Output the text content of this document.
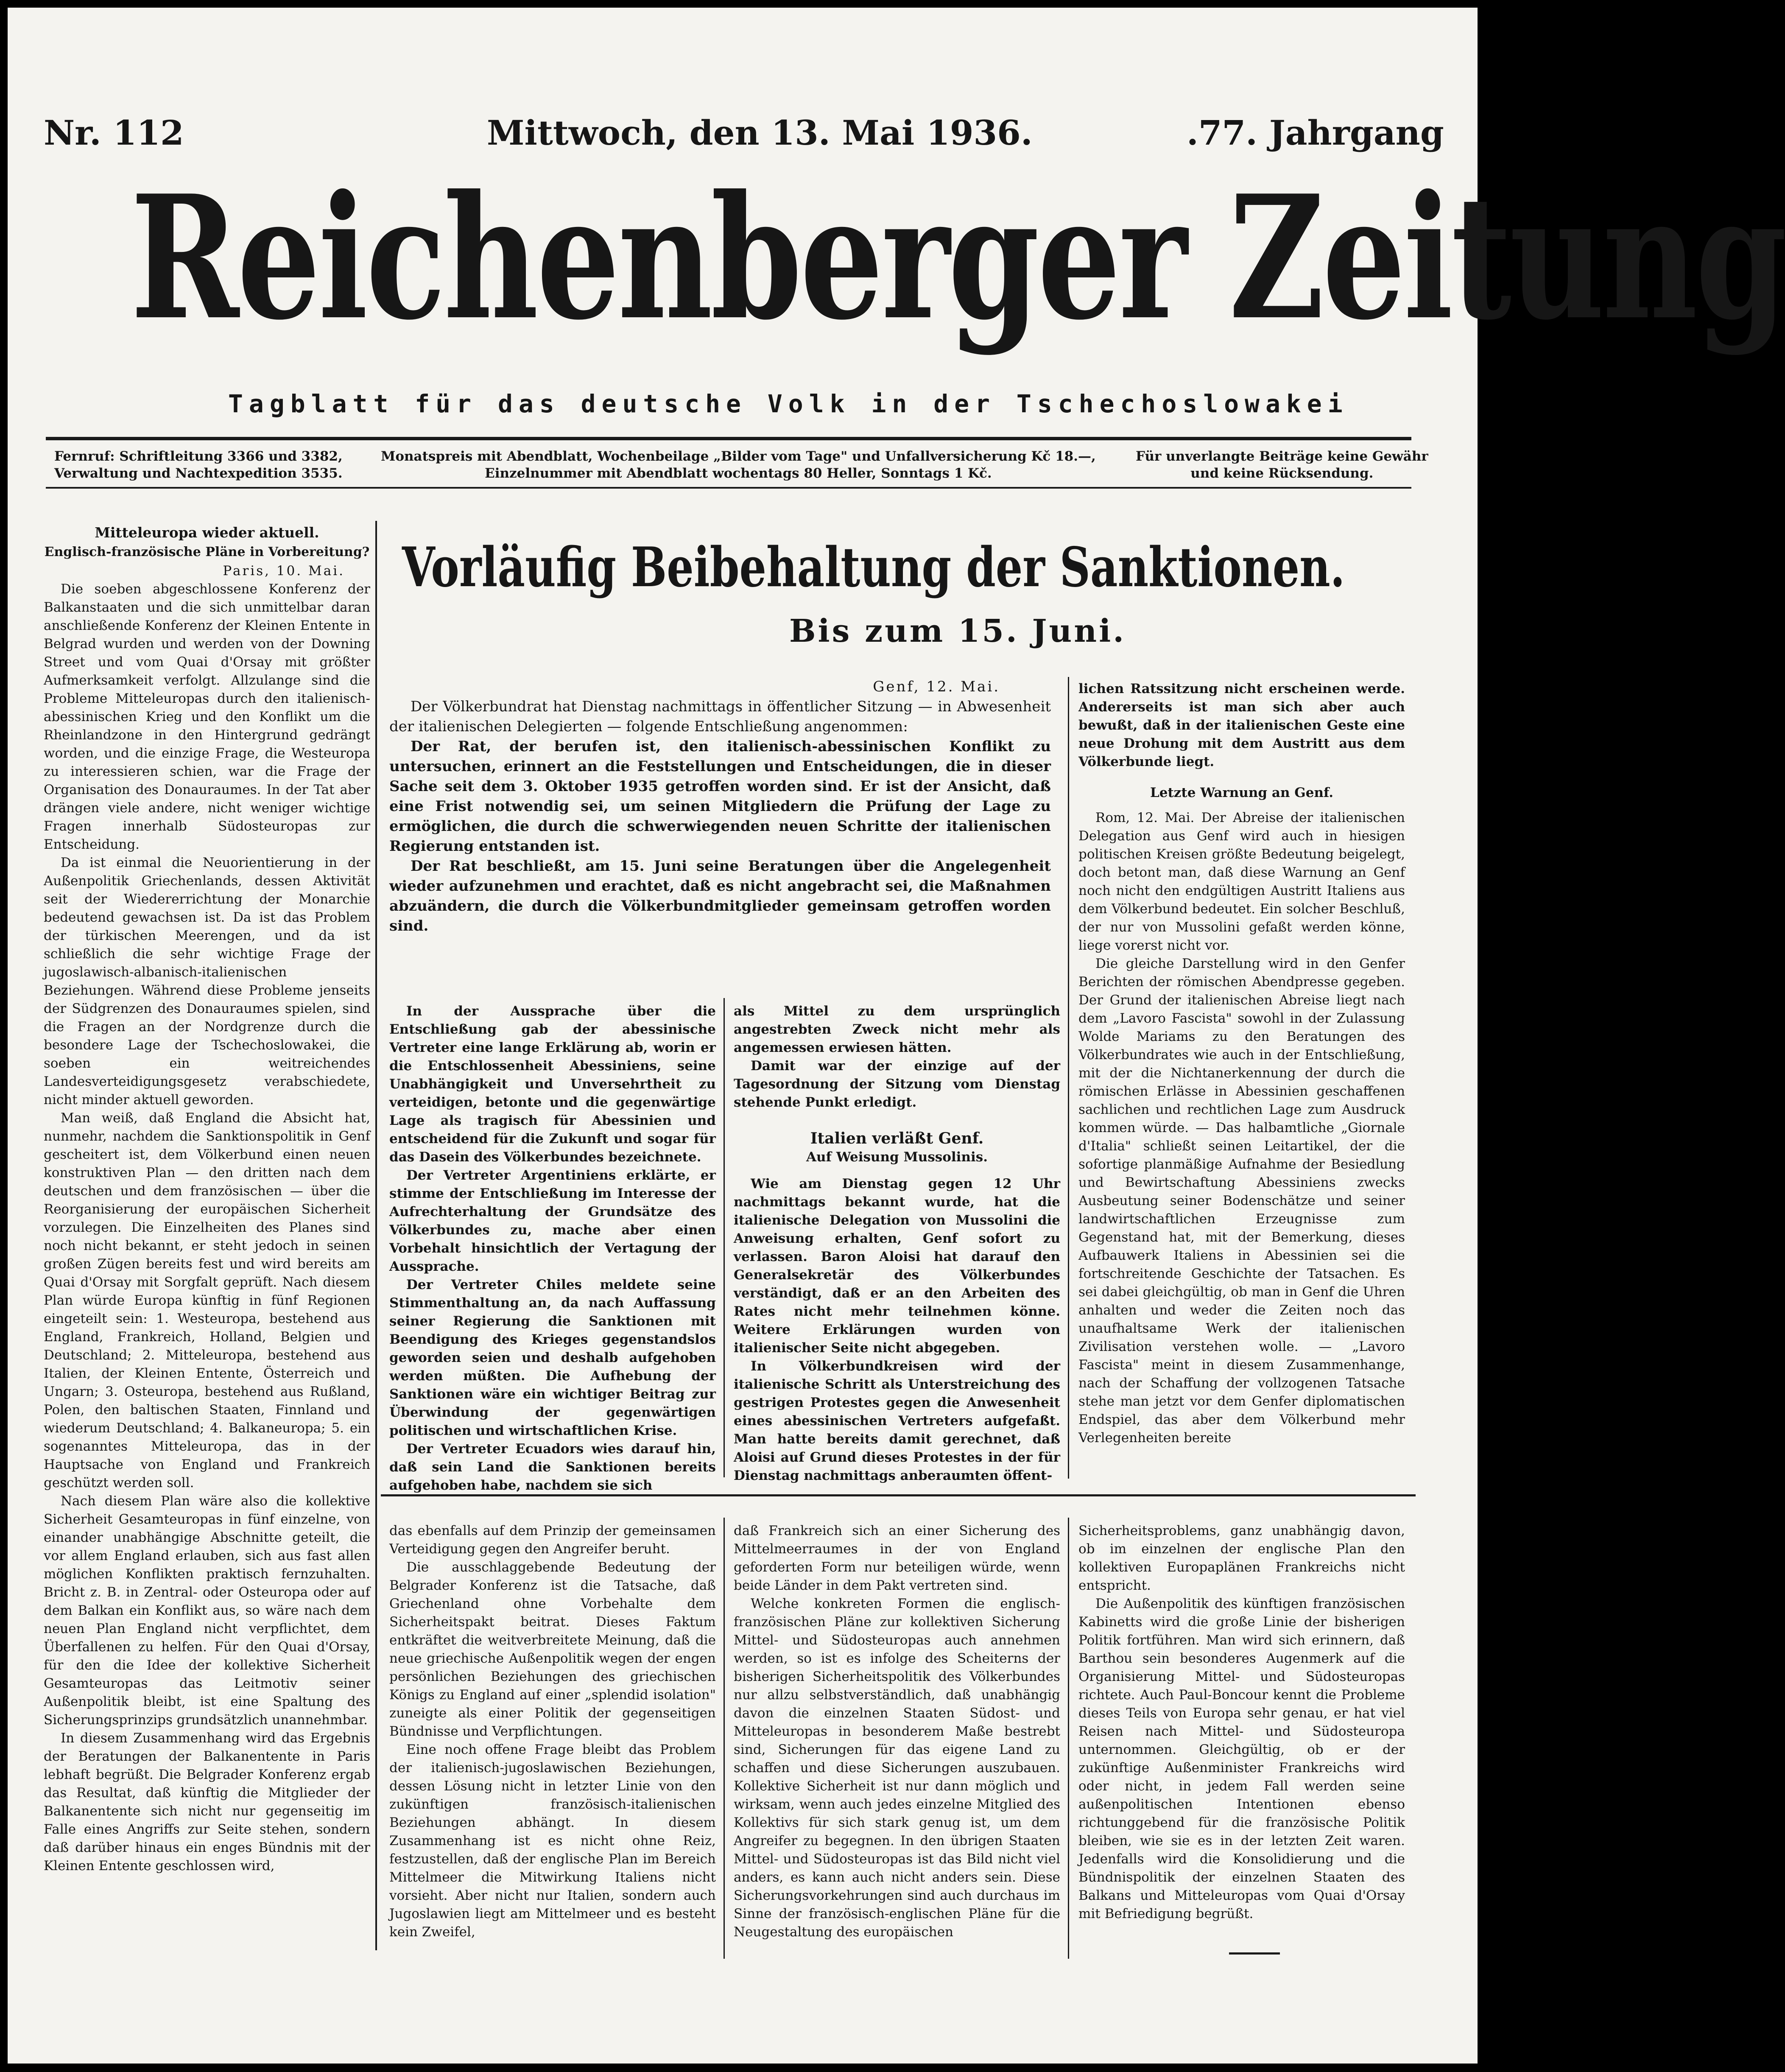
Nr. 112	Mittwoch, den 13. Mai 1936.	.77. Jahrgang
Reichenberger Zeitung
Tagblatt für das deutsche Volk in der Tschechoslowakei
Fernruf: Schriftleitung 3366 und 3382,
Verwaltung und Nachtexpedition 3535.
Monatspreis mit Abendblatt, Wochenbeilage „Bilder vom Tage" und Unfallversicherung Kč 18.—,
Einzelnummer mit Abendblatt wochentags 80 Heller, Sonntags 1 Kč.
Für unverlangte Beiträge keine Gewähr
und keine Rücksendung.
Vorläufig Beibehaltung der Sanktionen.
Bis zum 15. Juni.
Mitteleuropa wieder aktuell.
Englisch-französische Pläne in Vorbereitung?
Paris, 10. Mai.

Die soeben abgeschlossene Konferenz der Balkanstaaten und die sich unmittelbar daran anschließende Konferenz der Kleinen Entente in Belgrad wurden und werden von der Downing Street und vom Quai d'Orsay mit größter Aufmerksamkeit verfolgt. Allzulange sind die Probleme Mitteleuropas durch den italienisch-abessinischen Krieg und den Konflikt um die Rheinlandzone in den Hintergrund gedrängt worden, und die einzige Frage, die Westeuropa zu interessieren schien, war die Frage der Organisation des Donauraumes. In der Tat aber drängen viele andere, nicht weniger wichtige Fragen innerhalb Südosteuropas zur Entscheidung.

Da ist einmal die Neuorientierung in der Außenpolitik Griechenlands, dessen Aktivität seit der Wiedererrichtung der Monarchie bedeutend gewachsen ist. Da ist das Problem der türkischen Meerengen, und da ist schließlich die sehr wichtige Frage der jugoslawisch-albanisch-italienischen Beziehungen. Während diese Probleme jenseits der Südgrenzen des Donauraumes spielen, sind die Fragen an der Nordgrenze durch die besondere Lage der Tschechoslowakei, die soeben ein weitreichendes Landesverteidigungsgesetz verabschiedete, nicht minder aktuell geworden.

Man weiß, daß England die Absicht hat, nunmehr, nachdem die Sanktionspolitik in Genf gescheitert ist, dem Völkerbund einen neuen konstruktiven Plan — den dritten nach dem deutschen und dem französischen — über die Reorganisierung der europäischen Sicherheit vorzulegen. Die Einzelheiten des Planes sind noch nicht bekannt, er steht jedoch in seinen großen Zügen bereits fest und wird bereits am Quai d'Orsay mit Sorgfalt geprüft. Nach diesem Plan würde Europa künftig in fünf Regionen eingeteilt sein: 1. Westeuropa, bestehend aus England, Frankreich, Holland, Belgien und Deutschland; 2. Mitteleuropa, bestehend aus Italien, der Kleinen Entente, Österreich und Ungarn; 3. Osteuropa, bestehend aus Rußland, Polen, den baltischen Staaten, Finnland und wiederum Deutschland; 4. Balkaneuropa; 5. ein sogenanntes Mitteleuropa, das in der Hauptsache von England und Frankreich geschützt werden soll.

Nach diesem Plan wäre also die kollektive Sicherheit Gesamteuropas in fünf einzelne, von einander unabhängige Abschnitte geteilt, die vor allem England erlauben, sich aus fast allen möglichen Konflikten praktisch fernzuhalten. Bricht z. B. in Zentral- oder Osteuropa oder auf dem Balkan ein Konflikt aus, so wäre nach dem neuen Plan England nicht verpflichtet, dem Überfallenen zu helfen. Für den Quai d'Orsay, für den die Idee der kollektive Sicherheit Gesamteuropas das Leitmotiv seiner Außenpolitik bleibt, ist eine Spaltung des Sicherungsprinzips grundsätzlich unannehmbar.

In diesem Zusammenhang wird das Ergebnis der Beratungen der Balkanentente in Paris lebhaft begrüßt. Die Belgrader Konferenz ergab das Resultat, daß künftig die Mitglieder der Balkanentente sich nicht nur gegenseitig im Falle eines Angriffs zur Seite stehen, sondern daß darüber hinaus ein enges Bündnis mit der Kleinen Entente geschlossen wird,

Genf, 12. Mai.

Der Völkerbundrat hat Dienstag nachmittags in öffentlicher Sitzung — in Abwesenheit der italienischen Delegierten — folgende Entschließung angenommen:

Der Rat, der berufen ist, den italienisch-abessinischen Konflikt zu untersuchen, erinnert an die Feststellungen und Entscheidungen, die in dieser Sache seit dem 3. Oktober 1935 getroffen worden sind. Er ist der Ansicht, daß eine Frist notwendig sei, um seinen Mitgliedern die Prüfung der Lage zu ermöglichen, die durch die schwerwiegenden neuen Schritte der italienischen Regierung entstanden ist.

Der Rat beschließt, am 15. Juni seine Beratungen über die Angelegenheit wieder aufzunehmen und erachtet, daß es nicht angebracht sei, die Maßnahmen abzuändern, die durch die Völkerbundmitglieder gemeinsam getroffen worden sind.

In der Aussprache über die Entschließung gab der abessinische Vertreter eine lange Erklärung ab, worin er die Entschlossenheit Abessiniens, seine Unabhängigkeit und Unversehrtheit zu verteidigen, betonte und die gegenwärtige Lage als tragisch für Abessinien und entscheidend für die Zukunft und sogar für das Dasein des Völkerbundes bezeichnete.

Der Vertreter Argentiniens erklärte, er stimme der Entschließung im Interesse der Aufrechterhaltung der Grundsätze des Völkerbundes zu, mache aber einen Vorbehalt hinsichtlich der Vertagung der Aussprache.

Der Vertreter Chiles meldete seine Stimmenthaltung an, da nach Auffassung seiner Regierung die Sanktionen mit Beendigung des Krieges gegenstandslos geworden seien und deshalb aufgehoben werden müßten. Die Aufhebung der Sanktionen wäre ein wichtiger Beitrag zur Überwindung der gegenwärtigen politischen und wirtschaftlichen Krise.

Der Vertreter Ecuadors wies darauf hin, daß sein Land die Sanktionen bereits aufgehoben habe, nachdem sie sich

als Mittel zu dem ursprünglich angestrebten Zweck nicht mehr als angemessen erwiesen hätten.

Damit war der einzige auf der Tagesordnung der Sitzung vom Dienstag stehende Punkt erledigt.

Italien verläßt Genf.
Auf Weisung Mussolinis.

Wie am Dienstag gegen 12 Uhr nachmittags bekannt wurde, hat die italienische Delegation von Mussolini die Anweisung erhalten, Genf sofort zu verlassen. Baron Aloisi hat darauf den Generalsekretär des Völkerbundes verständigt, daß er an den Arbeiten des Rates nicht mehr teilnehmen könne. Weitere Erklärungen wurden von italienischer Seite nicht abgegeben.

In Völkerbundkreisen wird der italienische Schritt als Unterstreichung des gestrigen Protestes gegen die Anwesenheit eines abessinischen Vertreters aufgefaßt. Man hatte bereits damit gerechnet, daß Aloisi auf Grund dieses Protestes in der für Dienstag nachmittags anberaumten öffent-

lichen Ratssitzung nicht erscheinen werde. Andererseits ist man sich aber auch bewußt, daß in der italienischen Geste eine neue Drohung mit dem Austritt aus dem Völkerbunde liegt.

Letzte Warnung an Genf.

Rom, 12. Mai. Der Abreise der italienischen Delegation aus Genf wird auch in hiesigen politischen Kreisen größte Bedeutung beigelegt, doch betont man, daß diese Warnung an Genf noch nicht den endgültigen Austritt Italiens aus dem Völkerbund bedeutet. Ein solcher Beschluß, der nur von Mussolini gefaßt werden könne, liege vorerst nicht vor.

Die gleiche Darstellung wird in den Genfer Berichten der römischen Abendpresse gegeben. Der Grund der italienischen Abreise liegt nach dem „Lavoro Fascista" sowohl in der Zulassung Wolde Mariams zu den Beratungen des Völkerbundrates wie auch in der Entschließung, mit der die Nichtanerkennung der durch die römischen Erlässe in Abessinien geschaffenen sachlichen und rechtlichen Lage zum Ausdruck kommen würde. — Das halbamtliche „Giornale d'Italia" schließt seinen Leitartikel, der die sofortige planmäßige Aufnahme der Besiedlung und Bewirtschaftung Abessiniens zwecks Ausbeutung seiner Bodenschätze und seiner landwirtschaftlichen Erzeugnisse zum Gegenstand hat, mit der Bemerkung, dieses Aufbauwerk Italiens in Abessinien sei die fortschreitende Geschichte der Tatsachen. Es sei dabei gleichgültig, ob man in Genf die Uhren anhalten und weder die Zeiten noch das unaufhaltsame Werk der italienischen Zivilisation verstehen wolle. — „Lavoro Fascista" meint in diesem Zusammenhange, nach der Schaffung der vollzogenen Tatsache stehe man jetzt vor dem Genfer diplomatischen Endspiel, das aber dem Völkerbund mehr Verlegenheiten bereite

das ebenfalls auf dem Prinzip der gemeinsamen Verteidigung gegen den Angreifer beruht.

Die ausschlaggebende Bedeutung der Belgrader Konferenz ist die Tatsache, daß Griechenland ohne Vorbehalte dem Sicherheitspakt beitrat. Dieses Faktum entkräftet die weitverbreitete Meinung, daß die neue griechische Außenpolitik wegen der engen persönlichen Beziehungen des griechischen Königs zu England auf einer „splendid isolation" zuneigte als einer Politik der gegenseitigen Bündnisse und Verpflichtungen.

Eine noch offene Frage bleibt das Problem der italienisch-jugoslawischen Beziehungen, dessen Lösung nicht in letzter Linie von den zukünftigen französisch-italienischen Beziehungen abhängt. In diesem Zusammenhang ist es nicht ohne Reiz, festzustellen, daß der englische Plan im Bereich Mittelmeer die Mitwirkung Italiens nicht vorsieht. Aber nicht nur Italien, sondern auch Jugoslawien liegt am Mittelmeer und es besteht kein Zweifel,

daß Frankreich sich an einer Sicherung des Mittelmeerraumes in der von England geforderten Form nur beteiligen würde, wenn beide Länder in dem Pakt vertreten sind.

Welche konkreten Formen die englisch-französischen Pläne zur kollektiven Sicherung Mittel- und Südosteuropas auch annehmen werden, so ist es infolge des Scheiterns der bisherigen Sicherheitspolitik des Völkerbundes nur allzu selbstverständlich, daß unabhängig davon die einzelnen Staaten Südost- und Mitteleuropas in besonderem Maße bestrebt sind, Sicherungen für das eigene Land zu schaffen und diese Sicherungen auszubauen. Kollektive Sicherheit ist nur dann möglich und wirksam, wenn auch jedes einzelne Mitglied des Kollektivs für sich stark genug ist, um dem Angreifer zu begegnen. In den übrigen Staaten Mittel- und Südosteuropas ist das Bild nicht viel anders, es kann auch nicht anders sein. Diese Sicherungsvorkehrungen sind auch durchaus im Sinne der französisch-englischen Pläne für die Neugestaltung des europäischen

Sicherheitsproblems, ganz unabhängig davon, ob im einzelnen der englische Plan den kollektiven Europaplänen Frankreichs nicht entspricht.

Die Außenpolitik des künftigen französischen Kabinetts wird die große Linie der bisherigen Politik fortführen. Man wird sich erinnern, daß Barthou sein besonderes Augenmerk auf die Organisierung Mittel- und Südosteuropas richtete. Auch Paul-Boncour kennt die Probleme dieses Teils von Europa sehr genau, er hat viel Reisen nach Mittel- und Südosteuropa unternommen. Gleichgültig, ob er der zukünftige Außenminister Frankreichs wird oder nicht, in jedem Fall werden seine außenpolitischen Intentionen ebenso richtunggebend für die französische Politik bleiben, wie sie es in der letzten Zeit waren. Jedenfalls wird die Konsolidierung und die Bündnispolitik der einzelnen Staaten des Balkans und Mitteleuropas vom Quai d'Orsay mit Befriedigung begrüßt.
